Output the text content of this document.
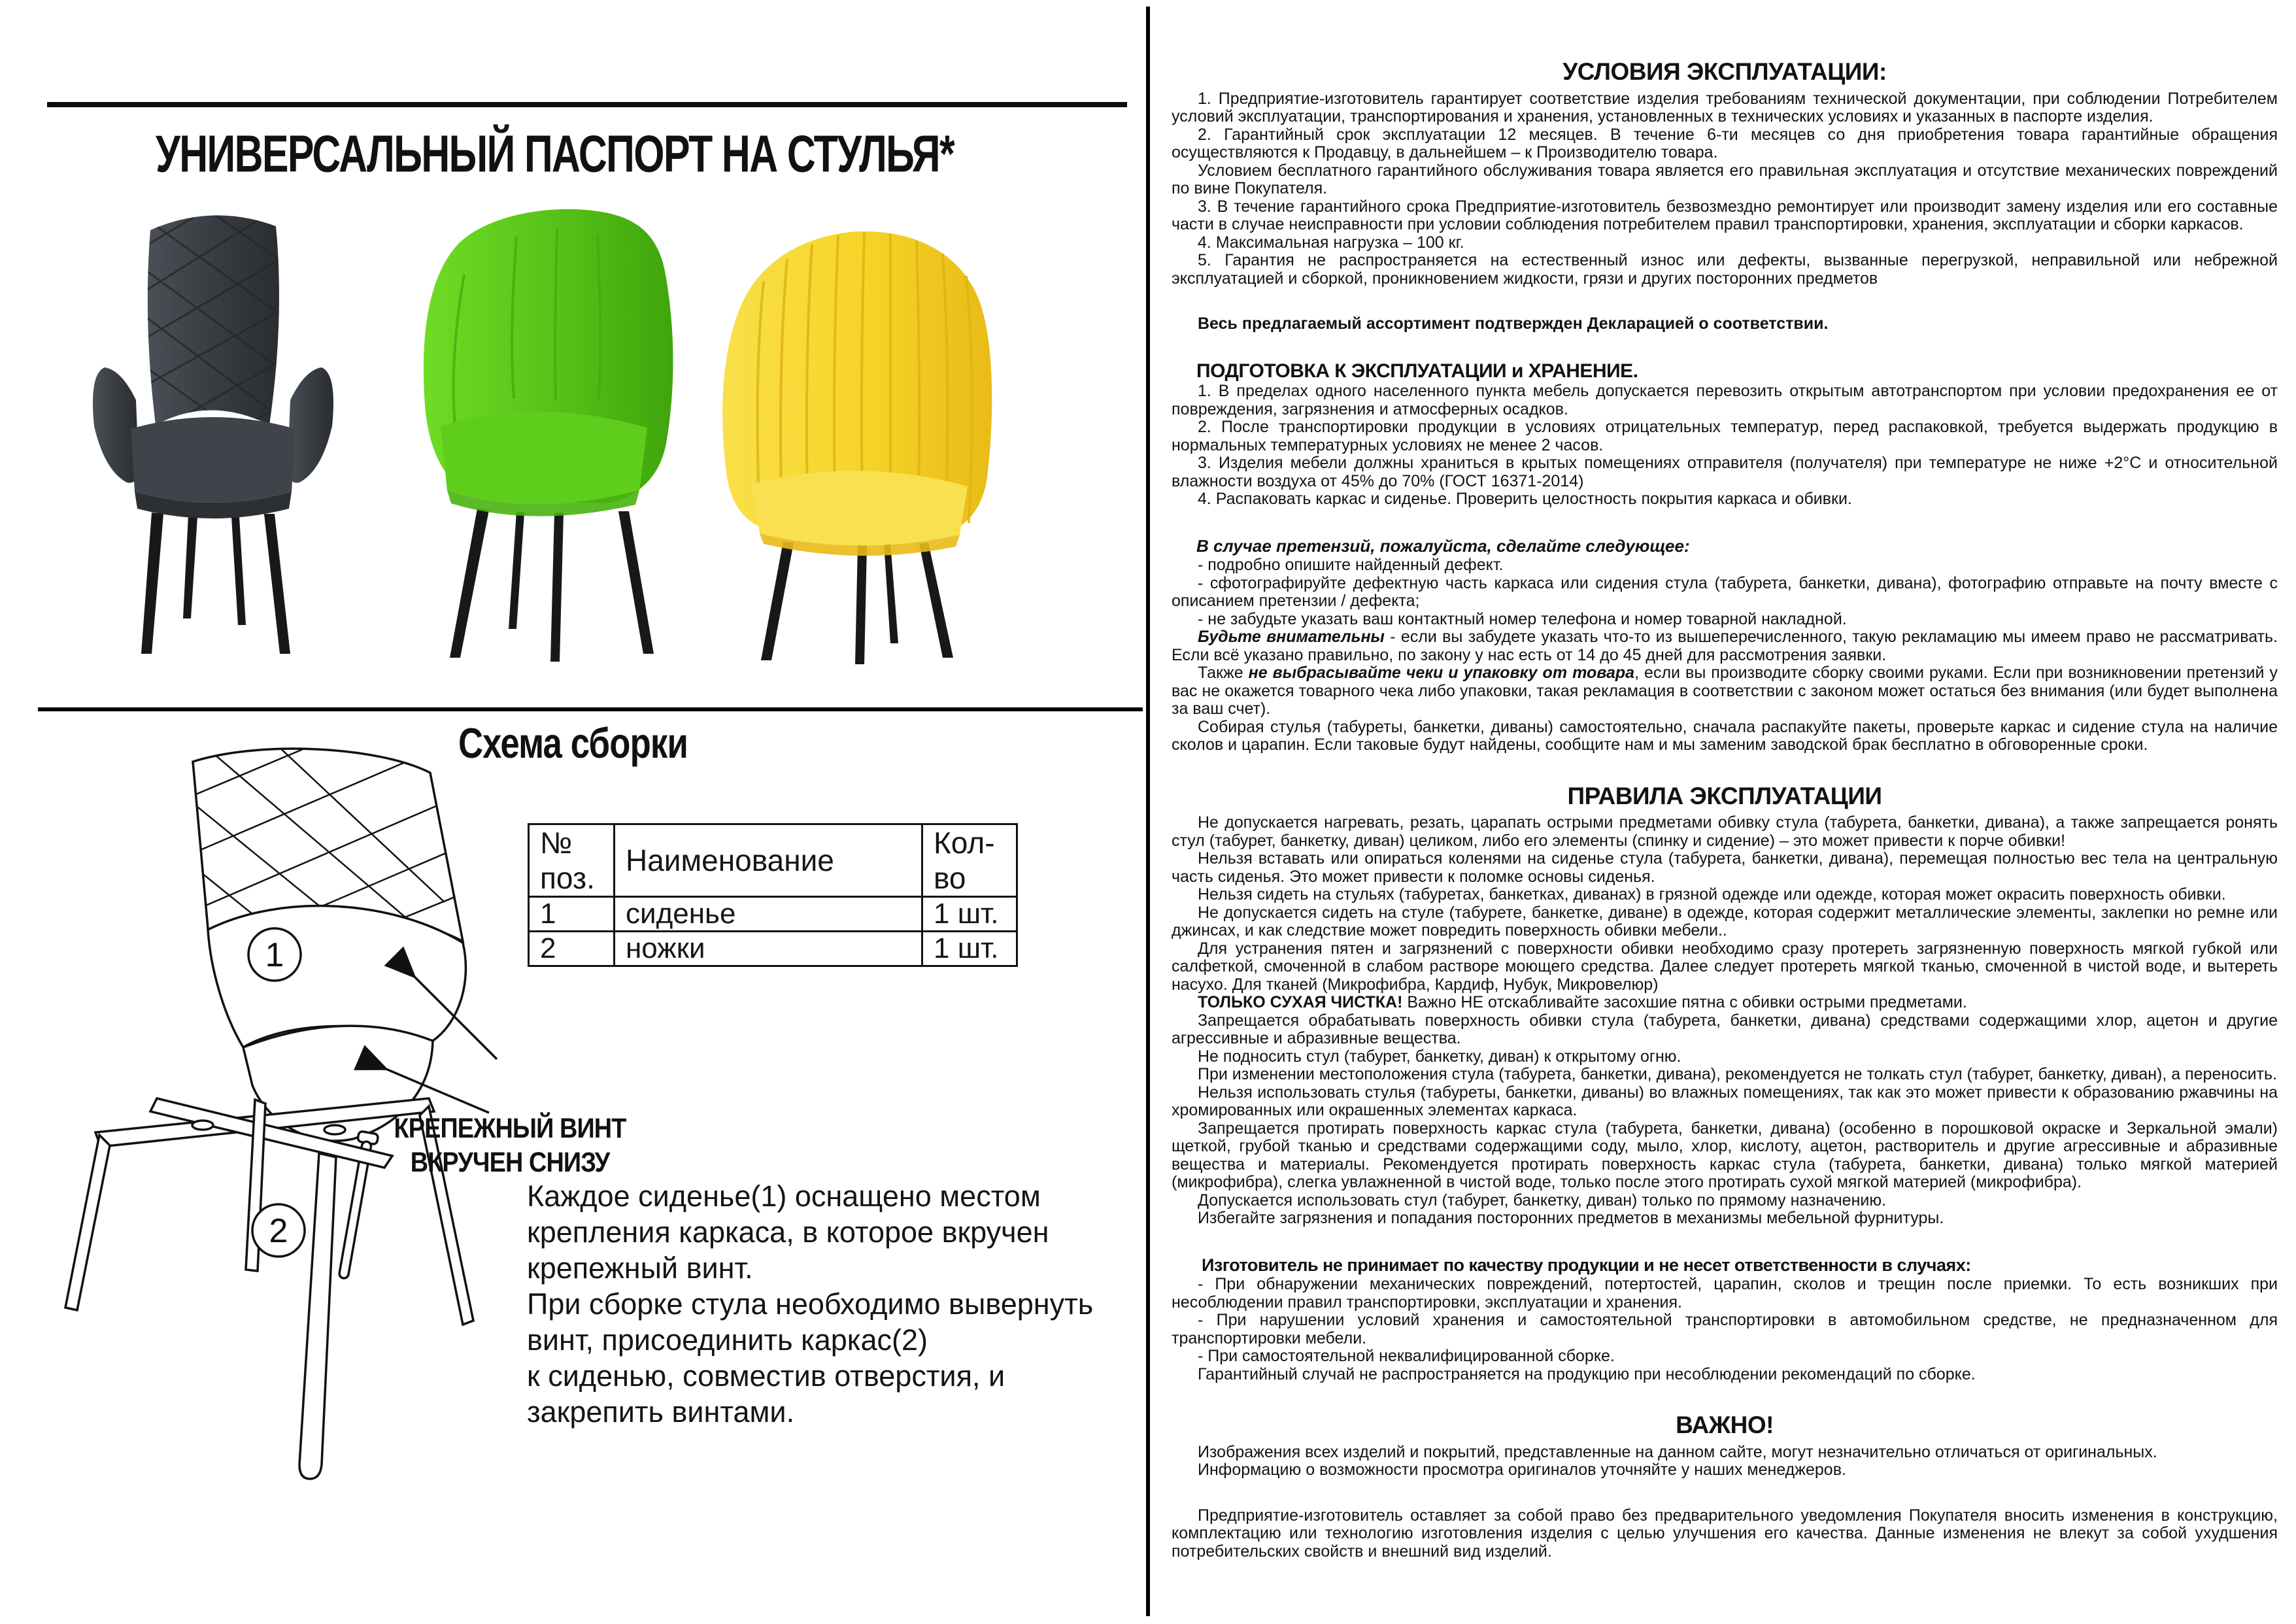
УНИВЕРСАЛЬНЫЙ ПАСПОРТ НА СТУЛЬЯ*
Схема сборки
1
2
№ поз.	Наименование	Кол-во
1	сиденье	1 шт.
2	ножки	1 шт.
КРЕПЕЖНЫЙ ВИНТ
ВКРУЧЕН СНИЗУ
Каждое сиденье(1) оснащено местом
крепления каркаса, в которое вкручен
крепежный винт.
При сборке стула необходимо вывернуть
винт, присоединить каркас(2)
к сиденью, совместив отверстия, и
закрепить винтами.
УСЛОВИЯ ЭКСПЛУАТАЦИИ:

1. Предприятие-изготовитель гарантирует соответствие изделия требованиям технической документации, при соблюдении Потребителем условий эксплуатации, транспортирования и хранения, установленных в технических условиях и указанных в паспорте изделия.

2. Гарантийный срок эксплуатации 12 месяцев. В течение 6-ти месяцев со дня приобретения товара гарантийные обращения осуществляются к Продавцу, в дальнейшем – к Производителю товара.

Условием бесплатного гарантийного обслуживания товара является его правильная эксплуатация и отсутствие механических повреждений по вине Покупателя.

3. В течение гарантийного срока Предприятие-изготовитель безвозмездно ремонтирует или производит замену изделия или его составные части в случае неисправности при условии соблюдения потребителем правил транспортировки, хранения, эксплуатации и сборки каркасов.

4. Максимальная нагрузка – 100 кг.

5. Гарантия не распространяется на естественный износ или дефекты, вызванные перегрузкой, неправильной или небрежной эксплуатацией и сборкой, проникновением жидкости, грязи и других посторонних предметов

Весь предлагаемый ассортимент подтвержден Декларацией о соответствии.

ПОДГОТОВКА К ЭКСПЛУАТАЦИИ и ХРАНЕНИЕ.

1. В пределах одного населенного пункта мебель допускается перевозить открытым автотранспортом при условии предохранения ее от повреждения, загрязнения и атмосферных осадков.

2. После транспортировки продукции в условиях отрицательных температур, перед распаковкой, требуется выдержать продукцию в нормальных температурных условиях не менее 2 часов.

3. Изделия мебели должны храниться в крытых помещениях отправителя (получателя) при температуре не ниже +2°С и относительной влажности воздуха от 45% до 70% (ГОСТ 16371-2014)

4. Распаковать каркас и сиденье. Проверить целостность покрытия каркаса и обивки.

В случае претензий, пожалуйста, сделайте следующее:

- подробно опишите найденный дефект.

- сфотографируйте дефектную часть каркаса или сидения стула (табурета, банкетки, дивана), фотографию отправьте на почту вместе с описанием претензии / дефекта;

- не забудьте указать ваш контактный номер телефона и номер товарной накладной.

Будьте внимательны - если вы забудете указать что-то из вышеперечисленного, такую рекламацию мы имеем право не рассматривать. Если всё указано правильно, по закону у нас есть от 14 до 45 дней для рассмотрения заявки.

Также не выбрасывайте чеки и упаковку от товара, если вы производите сборку своими руками. Если при возникновении претензий у вас не окажется товарного чека либо упаковки, такая рекламация в соответствии с законом может остаться без внимания (или будет выполнена за ваш счет).

Собирая стулья (табуреты, банкетки, диваны) самостоятельно, сначала распакуйте пакеты, проверьте каркас и сидение стула на наличие сколов и царапин. Если таковые будут найдены, сообщите нам и мы заменим заводской брак бесплатно в обговоренные сроки.

ПРАВИЛА ЭКСПЛУАТАЦИИ

Не допускается нагревать, резать, царапать острыми предметами обивку стула (табурета, банкетки, дивана), а также запрещается ронять стул (табурет, банкетку, диван) целиком, либо его элементы (спинку и сидение) – это может привести к порче обивки!

Нельзя вставать или опираться коленями на сиденье стула (табурета, банкетки, дивана), перемещая полностью вес тела на центральную часть сиденья. Это может привести к поломке основы сиденья.

Нельзя сидеть на стульях (табуретах, банкетках, диванах) в грязной одежде или одежде, которая может окрасить поверхность обивки.

Не допускается сидеть на стуле (табурете, банкетке, диване) в одежде, которая содержит металлические элементы, заклепки но ремне или джинсах, и как следствие может повредить поверхность обивки мебели..

Для устранения пятен и загрязнений с поверхности обивки необходимо сразу протереть загрязненную поверхность мягкой губкой или салфеткой, смоченной в слабом растворе моющего средства. Далее следует протереть мягкой тканью, смоченной в чистой воде, и вытереть насухо. Для тканей (Микрофибра, Кардиф, Нубук, Микровелюр)

ТОЛЬКО СУХАЯ ЧИСТКА! Важно НЕ отскабливайте засохшие пятна с обивки острыми предметами.

Запрещается обрабатывать поверхность обивки стула (табурета, банкетки, дивана) средствами содержащими хлор, ацетон и другие агрессивные и абразивные вещества.

Не подносить стул (табурет, банкетку, диван) к открытому огню.

При изменении местоположения стула (табурета, банкетки, дивана), рекомендуется не толкать стул (табурет, банкетку, диван), а переносить.

Нельзя использовать стулья (табуреты, банкетки, диваны) во влажных помещениях, так как это может привести к образованию ржавчины на хромированных или окрашенных элементах каркаса.

Запрещается протирать поверхность каркас стула (табурета, банкетки, дивана) (особенно в порошковой окраске и Зеркальной эмали) щеткой, грубой тканью и средствами содержащими соду, мыло, хлор, кислоту, ацетон, растворитель и другие агрессивные и абразивные вещества и материалы. Рекомендуется протирать поверхность каркас стула (табурета, банкетки, дивана) только мягкой материей (микрофибра), слегка увлажненной в чистой воде, только после этого протирать сухой мягкой материей (микрофибра).

Допускается использовать стул (табурет, банкетку, диван) только по прямому назначению.

Избегайте загрязнения и попадания посторонних предметов в механизмы мебельной фурнитуры.

Изготовитель не принимает по качеству продукции и не несет ответственности в случаях:

- При обнаружении механических повреждений, потертостей, царапин, сколов и трещин после приемки. То есть возникших при несоблюдении правил транспортировки, эксплуатации и хранения.

- При нарушении условий хранения и самостоятельной транспортировки в автомобильном средстве, не предназначенном для транспортировки мебели.

- При самостоятельной неквалифицированной сборке.

Гарантийный случай не распространяется на продукцию при несоблюдении рекомендаций по сборке.

ВАЖНО!

Изображения всех изделий и покрытий, представленные на данном сайте, могут незначительно отличаться от оригинальных.

Информацию о возможности просмотра оригиналов уточняйте у наших менеджеров.

Предприятие-изготовитель оставляет за собой право без предварительного уведомления Покупателя вносить изменения в конструкцию, комплектацию или технологию изготовления изделия с целью улучшения его качества. Данные изменения не влекут за собой ухудшения потребительских свойств и внешний вид изделий.
